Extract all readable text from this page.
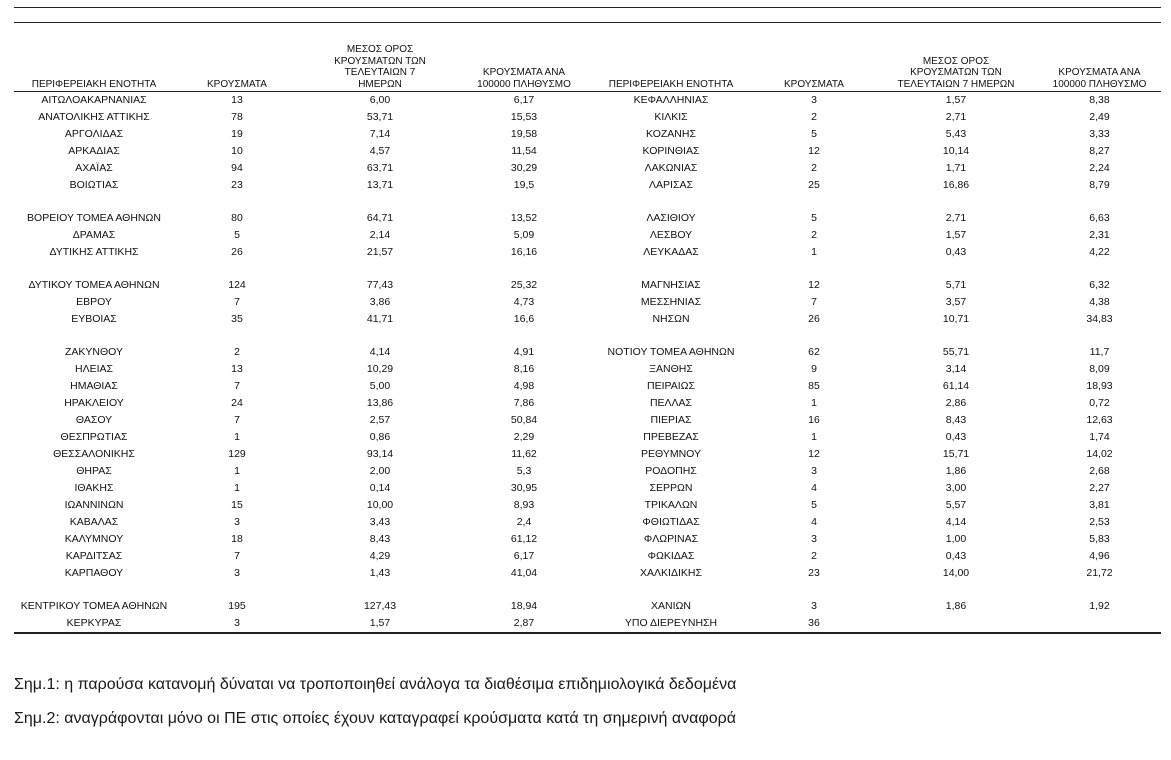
ΠΕΡΙΦΕΡΕΙΑΚΗ ΕΝΟΤΗΤΑ	ΚΡΟΥΣΜΑΤΑ	ΜΕΣΟΣ ΟΡΟΣ ΚΡΟΥΣΜΑΤΩΝ ΤΩΝ ΤΕΛΕΥΤΑΙΩΝ 7 ΗΜΕΡΩΝ	ΚΡΟΥΣΜΑΤΑ ΑΝΑ 100000 ΠΛΗΘΥΣΜΟ	ΠΕΡΙΦΕΡΕΙΑΚΗ ΕΝΟΤΗΤΑ	ΚΡΟΥΣΜΑΤΑ	ΜΕΣΟΣ ΟΡΟΣ ΚΡΟΥΣΜΑΤΩΝ ΤΩΝ ΤΕΛΕΥΤΑΙΩΝ 7 ΗΜΕΡΩΝ	ΚΡΟΥΣΜΑΤΑ ΑΝΑ 100000 ΠΛΗΘΥΣΜΟ
ΑΙΤΩΛΟΑΚΑΡΝΑΝΙΑΣ	13	6,00	6,17	ΚΕΦΑΛΛΗΝΙΑΣ	3	1,57	8,38
ΑΝΑΤΟΛΙΚΗΣ ΑΤΤΙΚΗΣ	78	53,71	15,53	ΚΙΛΚΙΣ	2	2,71	2,49
ΑΡΓΟΛΙΔΑΣ	19	7,14	19,58	ΚΟΖΑΝΗΣ	5	5,43	3,33
ΑΡΚΑΔΙΑΣ	10	4,57	11,54	ΚΟΡΙΝΘΙΑΣ	12	10,14	8,27
ΑΧΑΪΑΣ	94	63,71	30,29	ΛΑΚΩΝΙΑΣ	2	1,71	2,24
ΒΟΙΩΤΙΑΣ	23	13,71	19,5	ΛΑΡΙΣΑΣ	25	16,86	8,79

ΒΟΡΕΙΟΥ ΤΟΜΕΑ ΑΘΗΝΩΝ	80	64,71	13,52	ΛΑΣΙΘΙΟΥ	5	2,71	6,63
ΔΡΑΜΑΣ	5	2,14	5,09	ΛΕΣΒΟΥ	2	1,57	2,31
ΔΥΤΙΚΗΣ ΑΤΤΙΚΗΣ	26	21,57	16,16	ΛΕΥΚΑΔΑΣ	1	0,43	4,22

ΔΥΤΙΚΟΥ ΤΟΜΕΑ ΑΘΗΝΩΝ	124	77,43	25,32	ΜΑΓΝΗΣΙΑΣ	12	5,71	6,32
ΕΒΡΟΥ	7	3,86	4,73	ΜΕΣΣΗΝΙΑΣ	7	3,57	4,38
ΕΥΒΟΙΑΣ	35	41,71	16,6	ΝΗΣΩΝ	26	10,71	34,83

ΖΑΚΥΝΘΟΥ	2	4,14	4,91	ΝΟΤΙΟΥ ΤΟΜΕΑ ΑΘΗΝΩΝ	62	55,71	11,7
ΗΛΕΙΑΣ	13	10,29	8,16	ΞΑΝΘΗΣ	9	3,14	8,09
ΗΜΑΘΙΑΣ	7	5,00	4,98	ΠΕΙΡΑΙΩΣ	85	61,14	18,93
ΗΡΑΚΛΕΙΟΥ	24	13,86	7,86	ΠΕΛΛΑΣ	1	2,86	0,72
ΘΑΣΟΥ	7	2,57	50,84	ΠΙΕΡΙΑΣ	16	8,43	12,63
ΘΕΣΠΡΩΤΙΑΣ	1	0,86	2,29	ΠΡΕΒΕΖΑΣ	1	0,43	1,74
ΘΕΣΣΑΛΟΝΙΚΗΣ	129	93,14	11,62	ΡΕΘΥΜΝΟΥ	12	15,71	14,02
ΘΗΡΑΣ	1	2,00	5,3	ΡΟΔΟΠΗΣ	3	1,86	2,68
ΙΘΑΚΗΣ	1	0,14	30,95	ΣΕΡΡΩΝ	4	3,00	2,27
ΙΩΑΝΝΙΝΩΝ	15	10,00	8,93	ΤΡΙΚΑΛΩΝ	5	5,57	3,81
ΚΑΒΑΛΑΣ	3	3,43	2,4	ΦΘΙΩΤΙΔΑΣ	4	4,14	2,53
ΚΑΛΥΜΝΟΥ	18	8,43	61,12	ΦΛΩΡΙΝΑΣ	3	1,00	5,83
ΚΑΡΔΙΤΣΑΣ	7	4,29	6,17	ΦΩΚΙΔΑΣ	2	0,43	4,96
ΚΑΡΠΑΘΟΥ	3	1,43	41,04	ΧΑΛΚΙΔΙΚΗΣ	23	14,00	21,72

ΚΕΝΤΡΙΚΟΥ ΤΟΜΕΑ ΑΘΗΝΩΝ	195	127,43	18,94	ΧΑΝΙΩΝ	3	1,86	1,92
ΚΕΡΚΥΡΑΣ	3	1,57	2,87	ΥΠΟ ΔΙΕΡΕΥΝΗΣΗ	36		
Σημ.1: η παρούσα κατανομή δύναται να τροποποιηθεί ανάλογα τα διαθέσιμα επιδημιολογικά δεδομένα
Σημ.2: αναγράφονται μόνο οι ΠΕ στις οποίες έχουν καταγραφεί κρούσματα κατά τη σημερινή αναφορά
